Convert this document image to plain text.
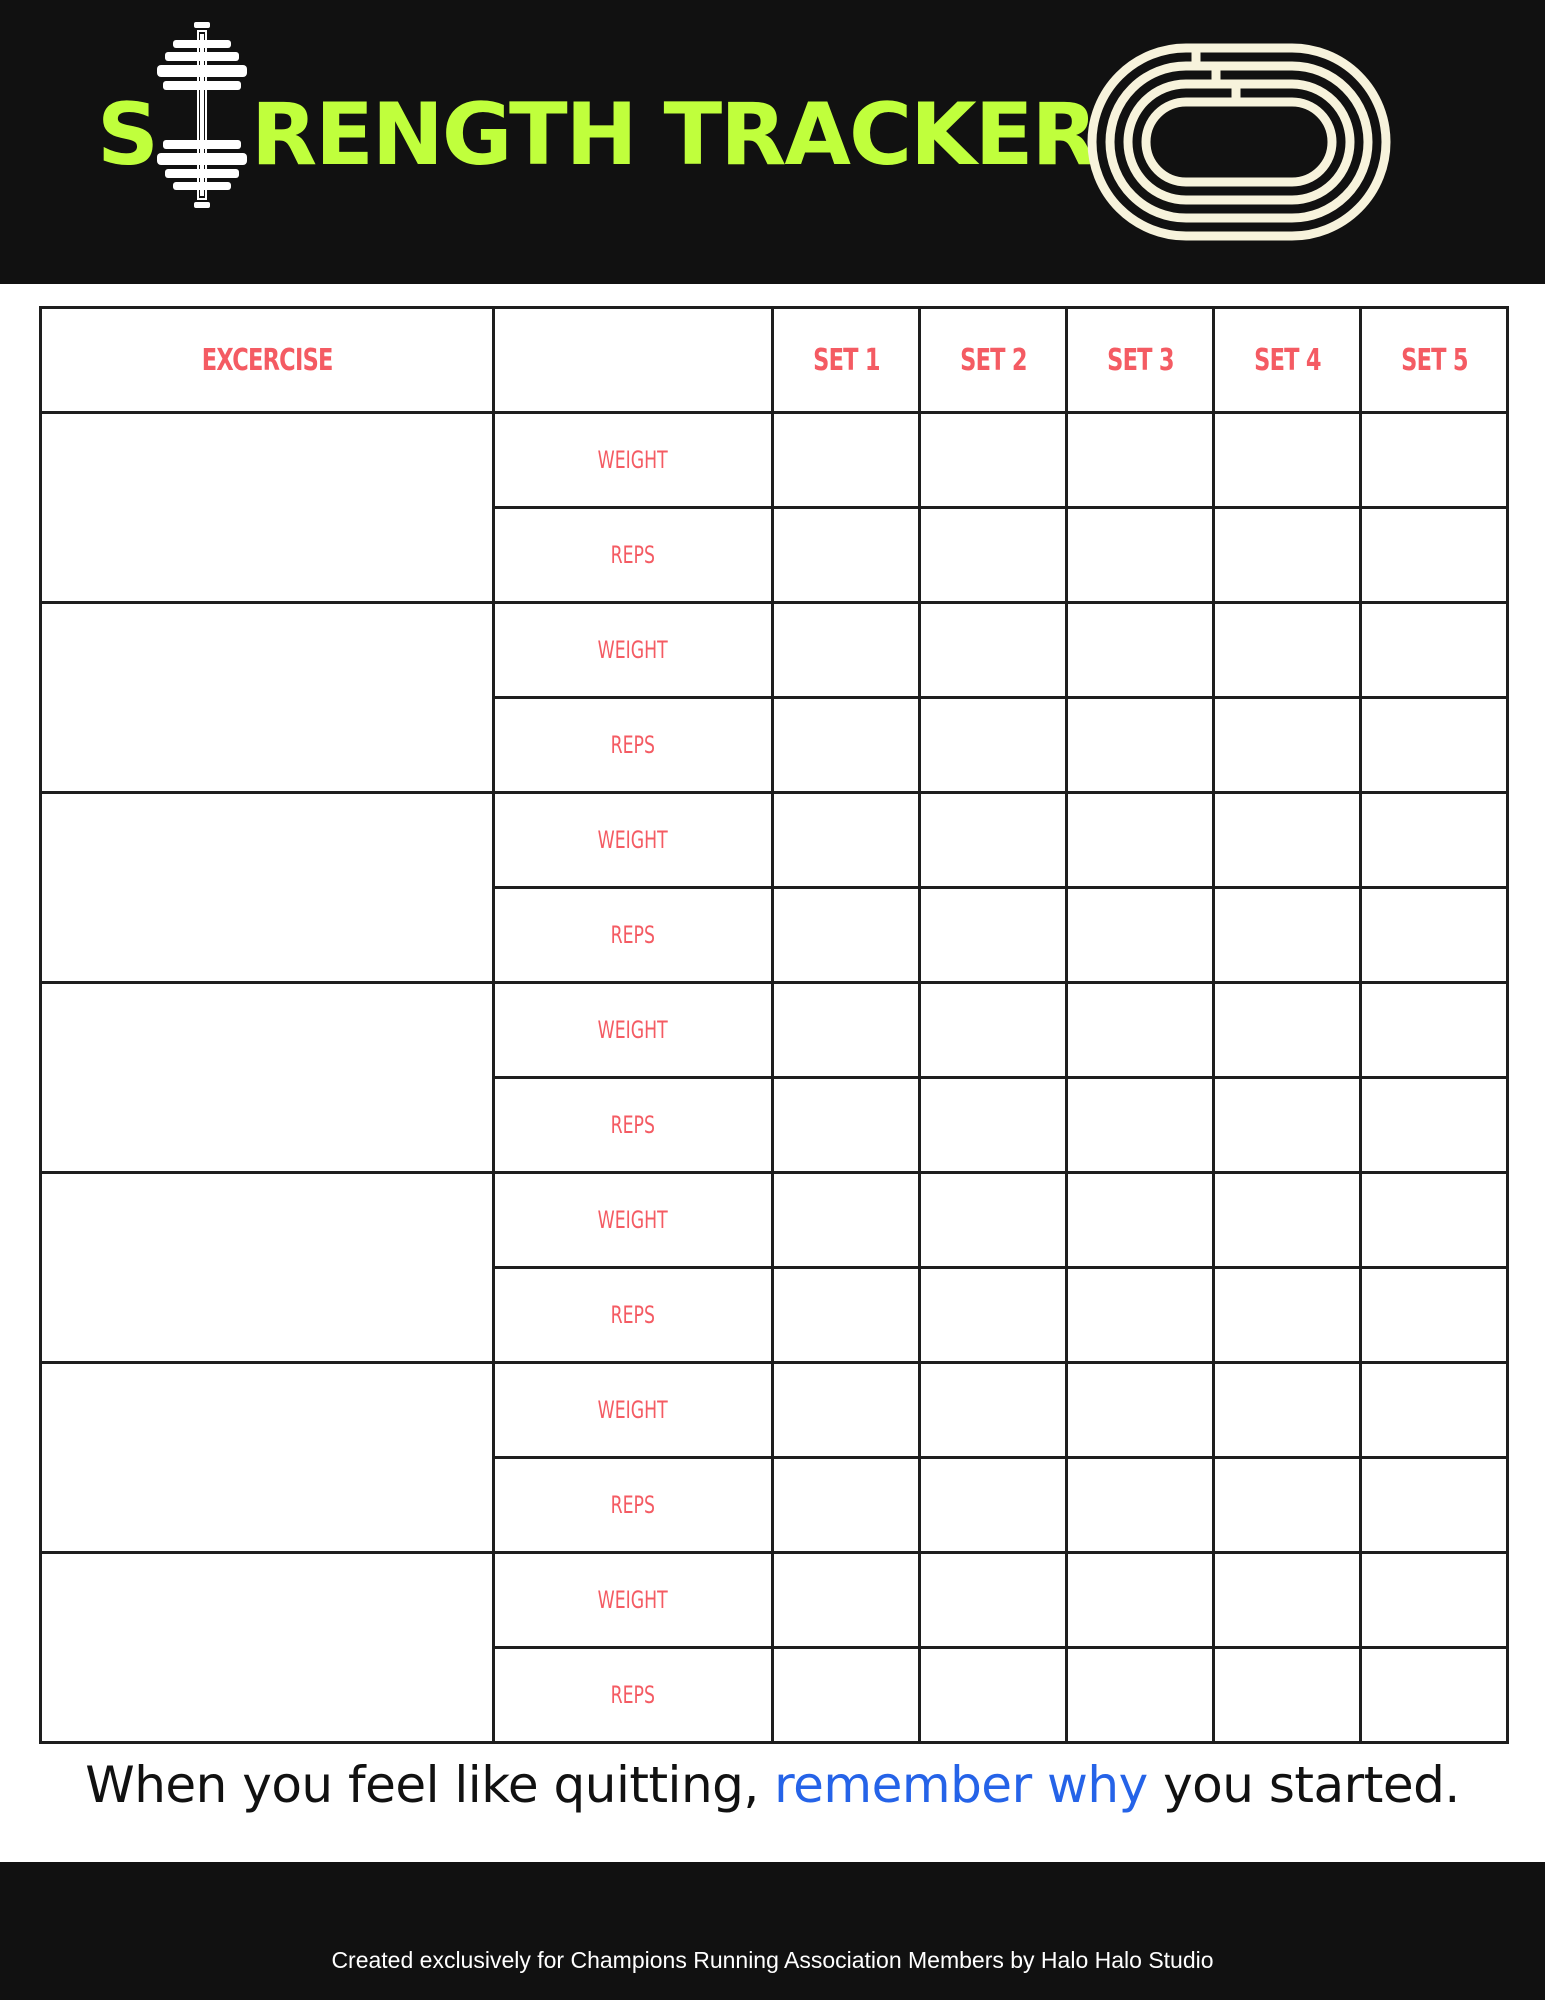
S RENGTH TRACKER
EXCERCISE		SET 1	SET 2	SET 3	SET 4	SET 5
	WEIGHT					
	REPS					
	WEIGHT					
	REPS					
	WEIGHT					
	REPS					
	WEIGHT					
	REPS					
	WEIGHT					
	REPS					
	WEIGHT					
	REPS					
	WEIGHT					
	REPS					
When you feel like quitting, remember why you started.
Created exclusively for Champions Running Association Members by Halo Halo Studio
